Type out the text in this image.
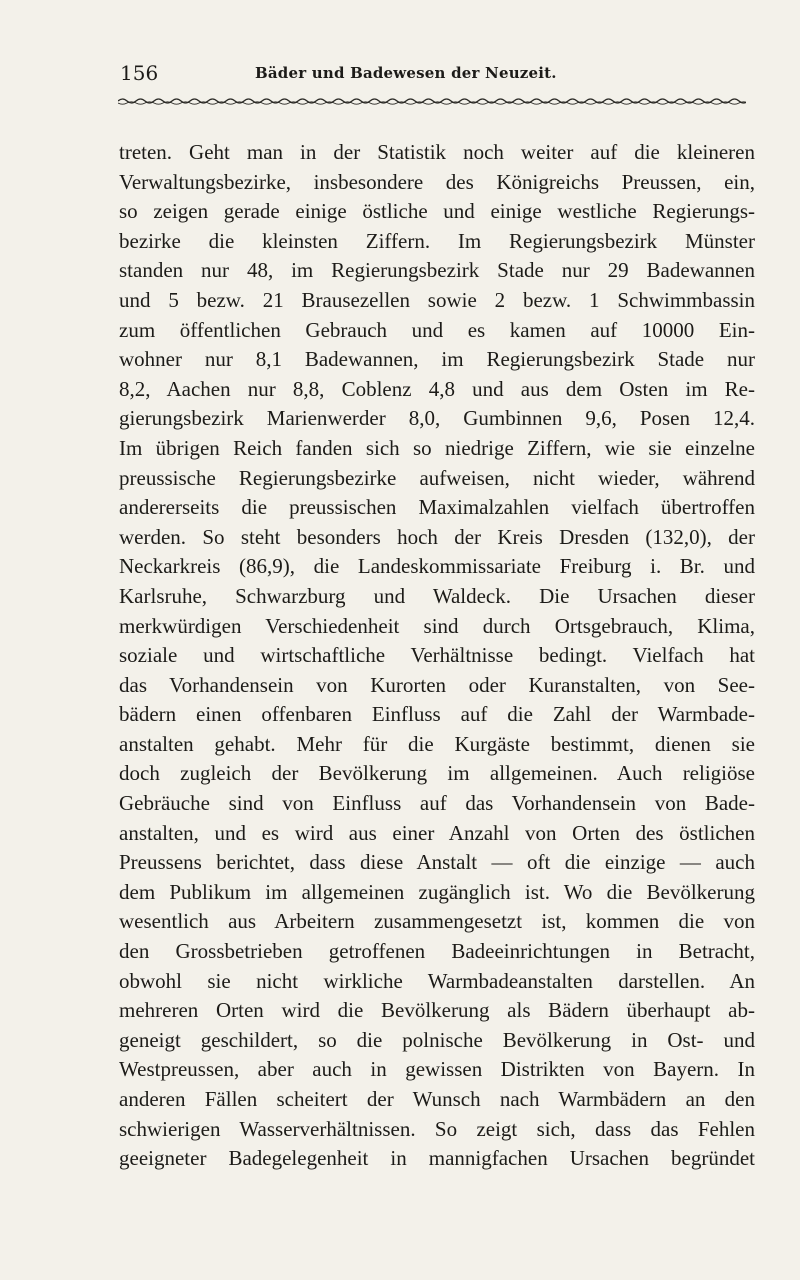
156	Bäder und Badewesen der Neuzeit.
treten. Geht man in der Statistik noch weiter auf die kleineren
Verwaltungsbezirke, insbesondere des Königreichs Preussen, ein,
so zeigen gerade einige östliche und einige westliche Regierungs-
bezirke die kleinsten Ziffern. Im Regierungsbezirk Münster
standen nur 48, im Regierungsbezirk Stade nur 29 Badewannen
und 5 bezw. 21 Brausezellen sowie 2 bezw. 1 Schwimmbassin
zum öffentlichen Gebrauch und es kamen auf 10000 Ein-
wohner nur 8,1 Badewannen, im Regierungsbezirk Stade nur
8,2, Aachen nur 8,8, Coblenz 4,8 und aus dem Osten im Re-
gierungsbezirk Marienwerder 8,0, Gumbinnen 9,6, Posen 12,4.
Im übrigen Reich fanden sich so niedrige Ziffern, wie sie einzelne
preussische Regierungsbezirke aufweisen, nicht wieder, während
andererseits die preussischen Maximalzahlen vielfach übertroffen
werden. So steht besonders hoch der Kreis Dresden (132,0), der
Neckarkreis (86,9), die Landeskommissariate Freiburg i. Br. und
Karlsruhe, Schwarzburg und Waldeck. Die Ursachen dieser
merkwürdigen Verschiedenheit sind durch Ortsgebrauch, Klima,
soziale und wirtschaftliche Verhältnisse bedingt. Vielfach hat
das Vorhandensein von Kurorten oder Kuranstalten, von See-
bädern einen offenbaren Einfluss auf die Zahl der Warmbade-
anstalten gehabt. Mehr für die Kurgäste bestimmt, dienen sie
doch zugleich der Bevölkerung im allgemeinen. Auch religiöse
Gebräuche sind von Einfluss auf das Vorhandensein von Bade-
anstalten, und es wird aus einer Anzahl von Orten des östlichen
Preussens berichtet, dass diese Anstalt — oft die einzige — auch
dem Publikum im allgemeinen zugänglich ist. Wo die Bevölkerung
wesentlich aus Arbeitern zusammengesetzt ist, kommen die von
den Grossbetrieben getroffenen Badeeinrichtungen in Betracht,
obwohl sie nicht wirkliche Warmbadeanstalten darstellen. An
mehreren Orten wird die Bevölkerung als Bädern überhaupt ab-
geneigt geschildert, so die polnische Bevölkerung in Ost- und
Westpreussen, aber auch in gewissen Distrikten von Bayern. In
anderen Fällen scheitert der Wunsch nach Warmbädern an den
schwierigen Wasserverhältnissen. So zeigt sich, dass das Fehlen
geeigneter Badegelegenheit in mannigfachen Ursachen begründet
